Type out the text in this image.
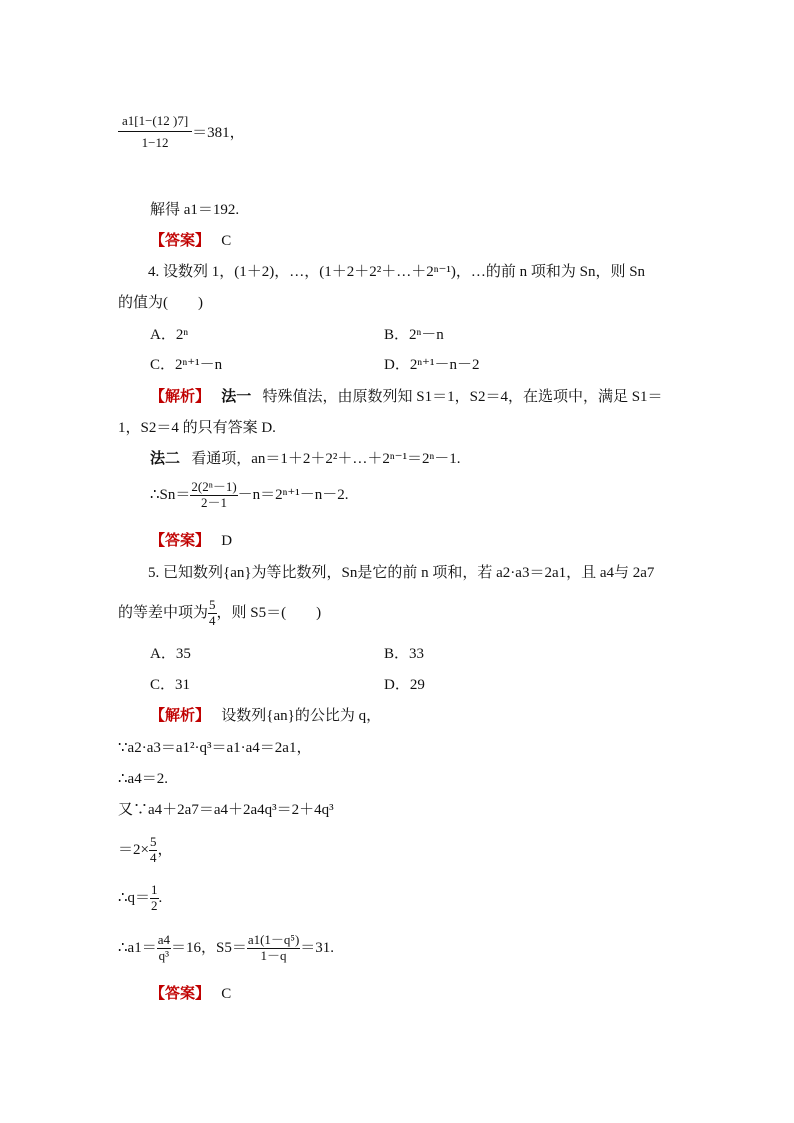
$\frac{a1[1-(12 )7]}{1-12} =381$，
解得 a1＝192.
【答案】 C
4. 设数列 1，(1＋2)，…，(1＋2＋2²＋…＋2ⁿ⁻¹)，…的前 n 项和为 Sn，则 Sn
的值为(　　)
A．2ⁿ	B．2ⁿ－n
C．2ⁿ⁺¹－n	D．2ⁿ⁺¹－n－2
【解析】 法一 特殊值法，由原数列知 S1＝1，S2＝4，在选项中，满足 S1＝
1，S2＝4 的只有答案 D.
法二 看通项，an＝1＋2＋2²＋…＋2ⁿ⁻¹＝2ⁿ－1.
∴Sn＝ $\frac{\text{2(2ⁿ－1)}}{2-1} -n=2^{n+1}-n-2$.
【答案】 D
5. 已知数列{an}为等比数列，Sn是它的前 n 项和，若 a2·a3＝2a1，且 a4与 2a7
的等差中项为 $\frac{5}{4}$ ，则 S5＝(　　)
A．35	B．33
C．31	D．29
【解析】 设数列{an}的公比为 q，
∵a2·a3＝a1²·q³＝a1·a4＝2a1，
∴a4＝2.
又∵a4＋2a7＝a4＋2a4q³＝2＋4q³
$=2\times \frac{5}{4}$ ，
∴q＝ $\frac{1}{2}$ .
∴a1＝ $\frac{a4}{\text{q³}} =16$，$S5= \frac{\text{a1(1－q⁵)}}{1-q} =31$.
【答案】 C
